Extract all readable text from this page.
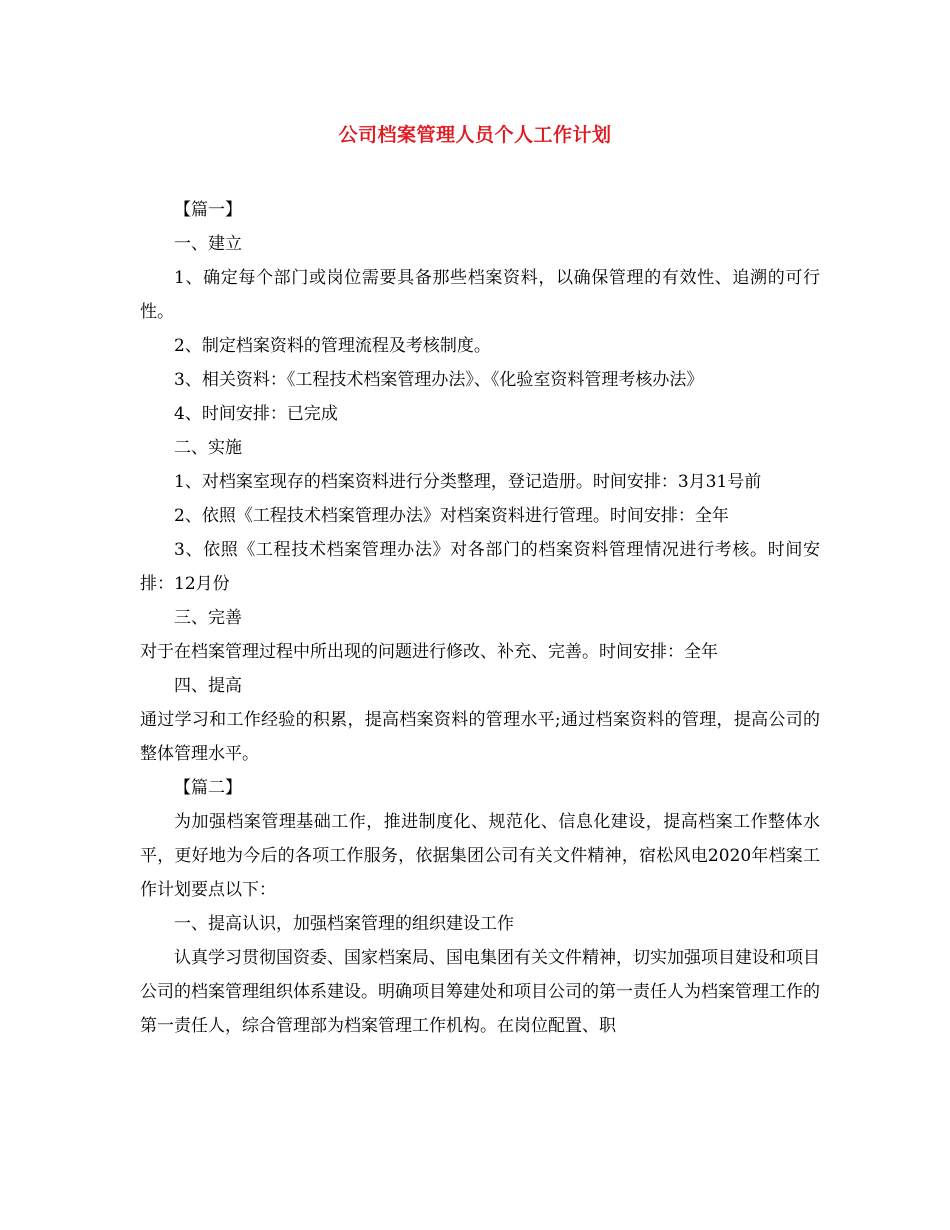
公司档案管理人员个人工作计划

【篇一】

一、建立

1、确定每个部门或岗位需要具备那些档案资料，以确保管理的有效性、追溯的可行性。

2、制定档案资料的管理流程及考核制度。

3、相关资料：《工程技术档案管理办法》、《化验室资料管理考核办法》

4、时间安排：已完成

二、实施

1、对档案室现存的档案资料进行分类整理，登记造册。时间安排：3月31号前

2、依照《工程技术档案管理办法》对档案资料进行管理。时间安排：全年

3、依照《工程技术档案管理办法》对各部门的档案资料管理情况进行考核。时间安排：12月份

三、完善

对于在档案管理过程中所出现的问题进行修改、补充、完善。时间安排：全年

四、提高

通过学习和工作经验的积累，提高档案资料的管理水平;通过档案资料的管理，提高公司的整体管理水平。

【篇二】

为加强档案管理基础工作，推进制度化、规范化、信息化建设，提高档案工作整体水平，更好地为今后的各项工作服务，依据集团公司有关文件精神，宿松风电2020年档案工作计划要点以下：

一、提高认识，加强档案管理的组织建设工作

认真学习贯彻国资委、国家档案局、国电集团有关文件精神，切实加强项目建设和项目公司的档案管理组织体系建设。明确项目筹建处和项目公司的第一责任人为档案管理工作的第一责任人，综合管理部为档案管理工作机构。在岗位配置、职
